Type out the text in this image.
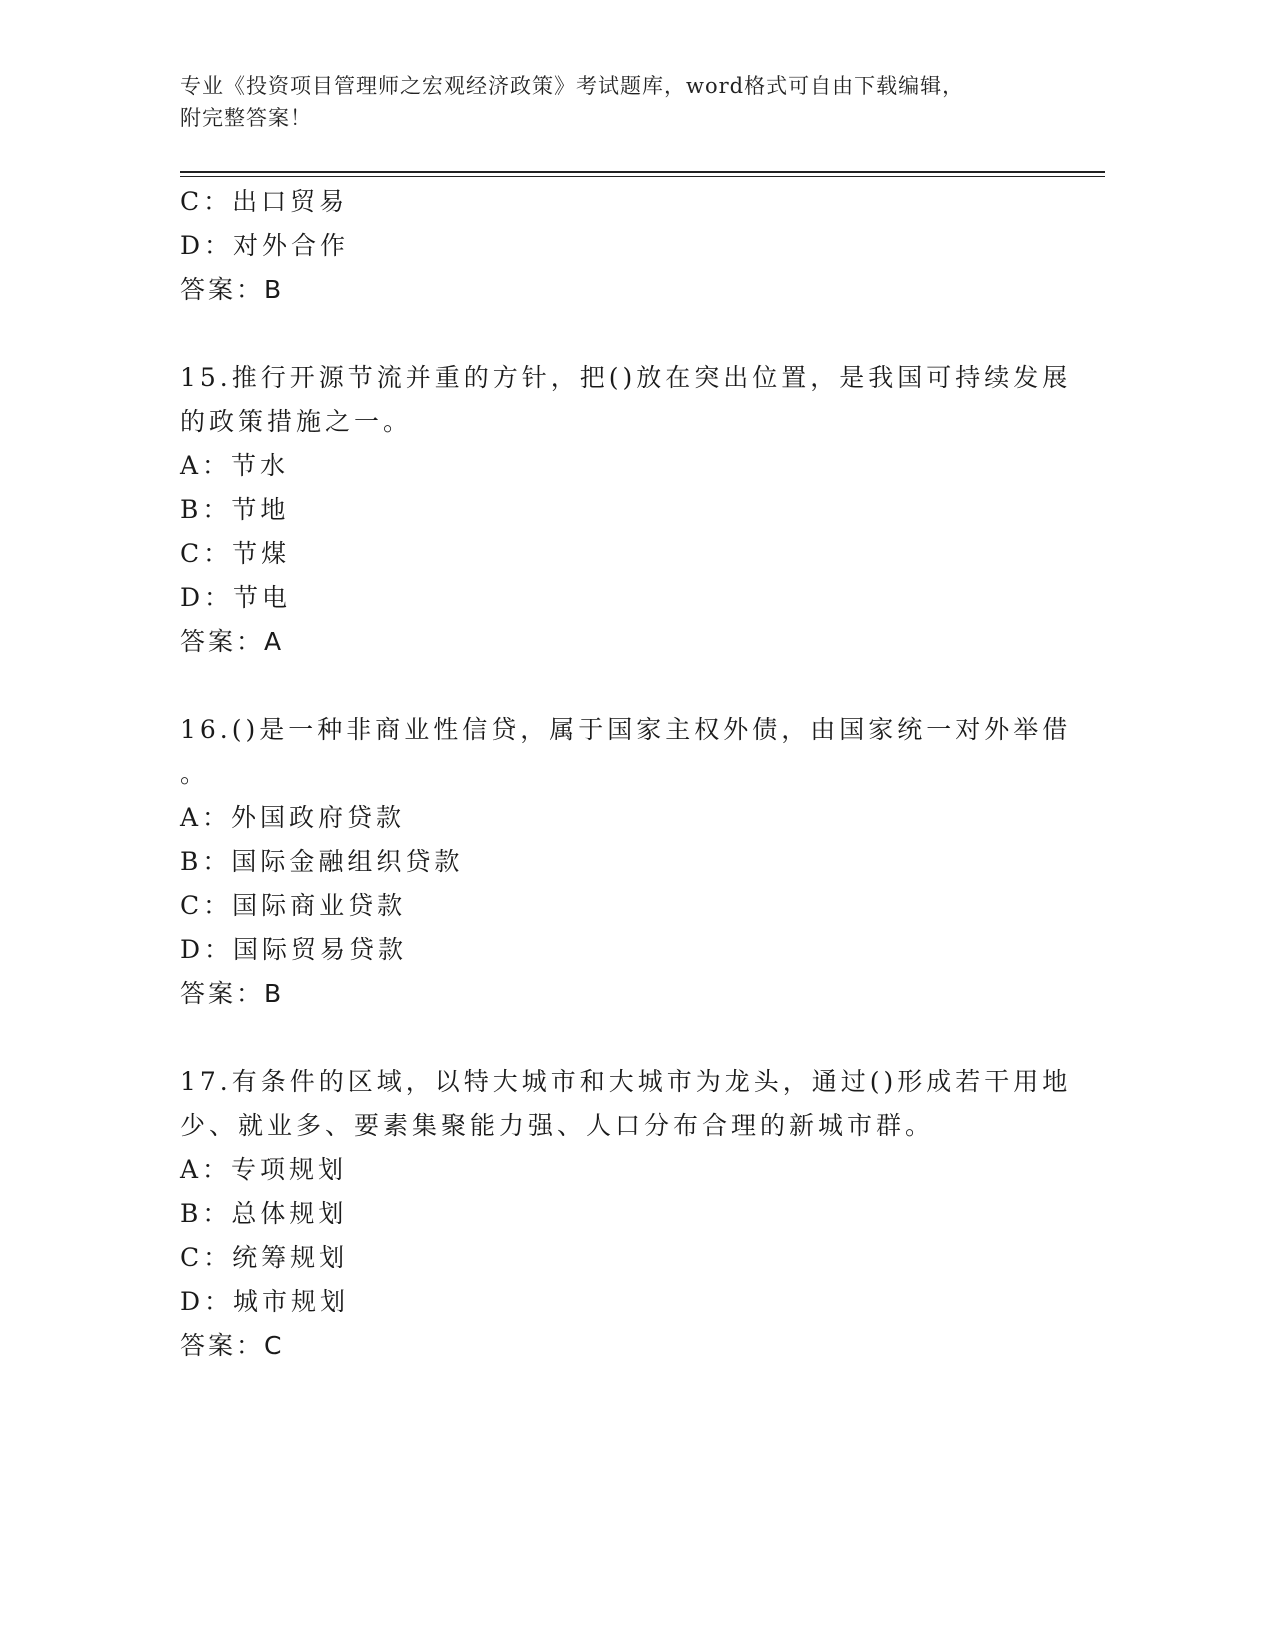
专业《投资项目管理师之宏观经济政策》考试题库，word格式可自由下载编辑，
附完整答案！
C：出口贸易
D：对外合作
答案：B
15.推行开源节流并重的方针，把()放在突出位置，是我国可持续发展
的政策措施之一。
A：节水
B：节地
C：节煤
D：节电
答案：A
16.()是一种非商业性信贷，属于国家主权外债，由国家统一对外举借
。
A：外国政府贷款
B：国际金融组织贷款
C：国际商业贷款
D：国际贸易贷款
答案：B
17.有条件的区域，以特大城市和大城市为龙头，通过()形成若干用地
少、就业多、要素集聚能力强、人口分布合理的新城市群。
A：专项规划
B：总体规划
C：统筹规划
D：城市规划
答案：C
